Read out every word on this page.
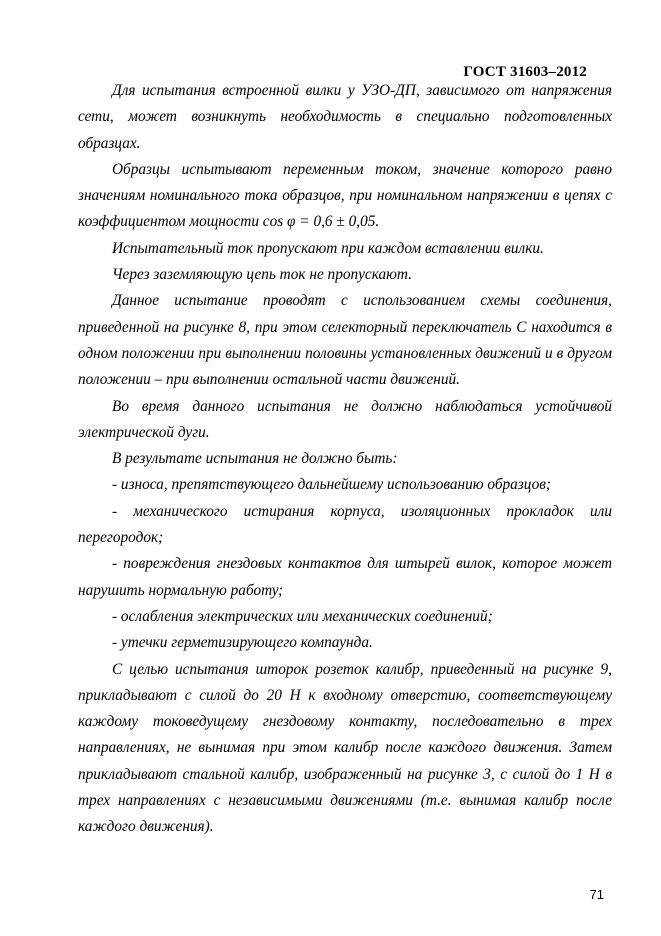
ГОСТ 31603–2012

Для испытания встроенной вилки у УЗО-ДП, зависимого от напряжения сети, может возникнуть необходимость в специально подготовленных образцах.

Образцы испытывают переменным током, значение которого равно значениям номинального тока образцов, при номинальном напряжении в цепях с коэффициентом мощности cos φ = 0,6 ± 0,05.

Испытательный ток пропускают при каждом вставлении вилки.

Через заземляющую цепь ток не пропускают.

Данное испытание проводят с использованием схемы соединения, приведенной на рисунке 8, при этом селекторный переключатель С находится в одном положении при выполнении половины установленных движений и в другом положении – при выполнении остальной части движений.

Во время данного испытания не должно наблюдаться устойчивой электрической дуги.

В результате испытания не должно быть:

- износа, препятствующего дальнейшему использованию образцов;

- механического истирания корпуса, изоляционных прокладок или перегородок;

- повреждения гнездовых контактов для штырей вилок, которое может нарушить нормальную работу;

- ослабления электрических или механических соединений;

- утечки герметизирующего компаунда.

С целью испытания шторок розеток калибр, приведенный на рисунке 9, прикладывают с силой до 20 Н к входному отверстию, соответствующему каждому токоведущему гнездовому контакту, последовательно в трех направлениях, не вынимая при этом калибр после каждого движения. Затем прикладывают стальной калибр, изображенный на рисунке 3, с силой до 1 Н в трех направлениях с независимыми движениями (т.е. вынимая калибр после каждого движения).

71
